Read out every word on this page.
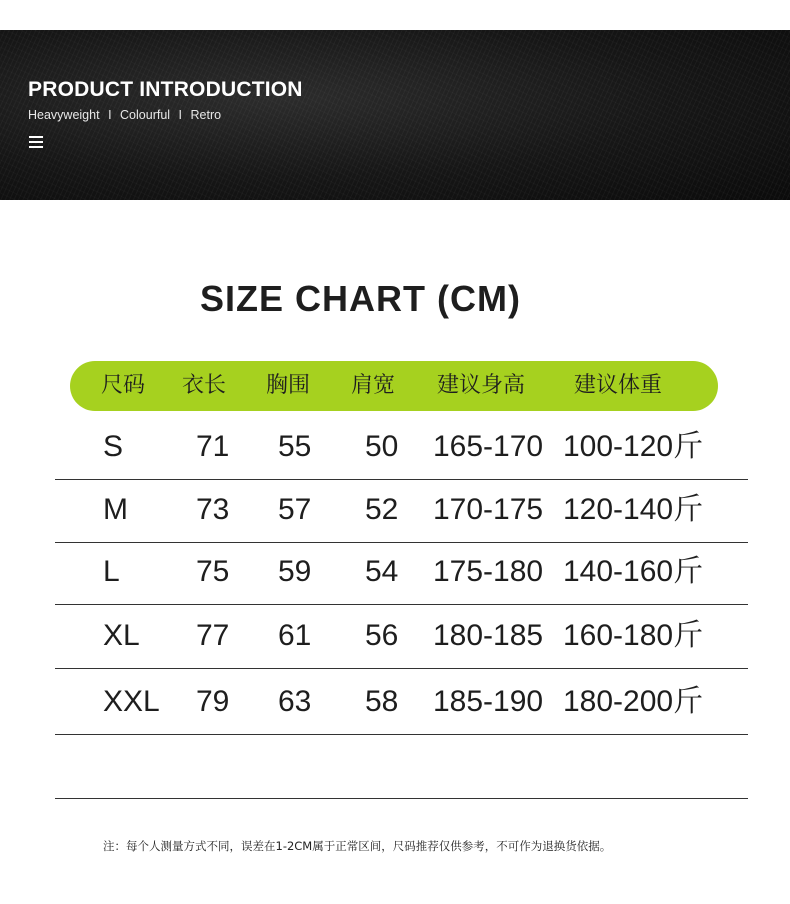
PRODUCT INTRODUCTION
Heavyweight I Colourful I Retro
SIZE CHART (CM)
尺码 衣长 胸围 肩宽 建议身高 建议体重
S 71 55 50 165-170 100-120斤
M 73 57 52 170-175 120-140斤
L	75 59 54 175-180 140-160斤
XL 77 61 56 180-185 160-180斤
XXL 79 63 58 185-190 180-200斤
注：每个人测量方式不同，误差在1-2CM属于正常区间，尺码推荐仅供参考，不可作为退换货依据。
